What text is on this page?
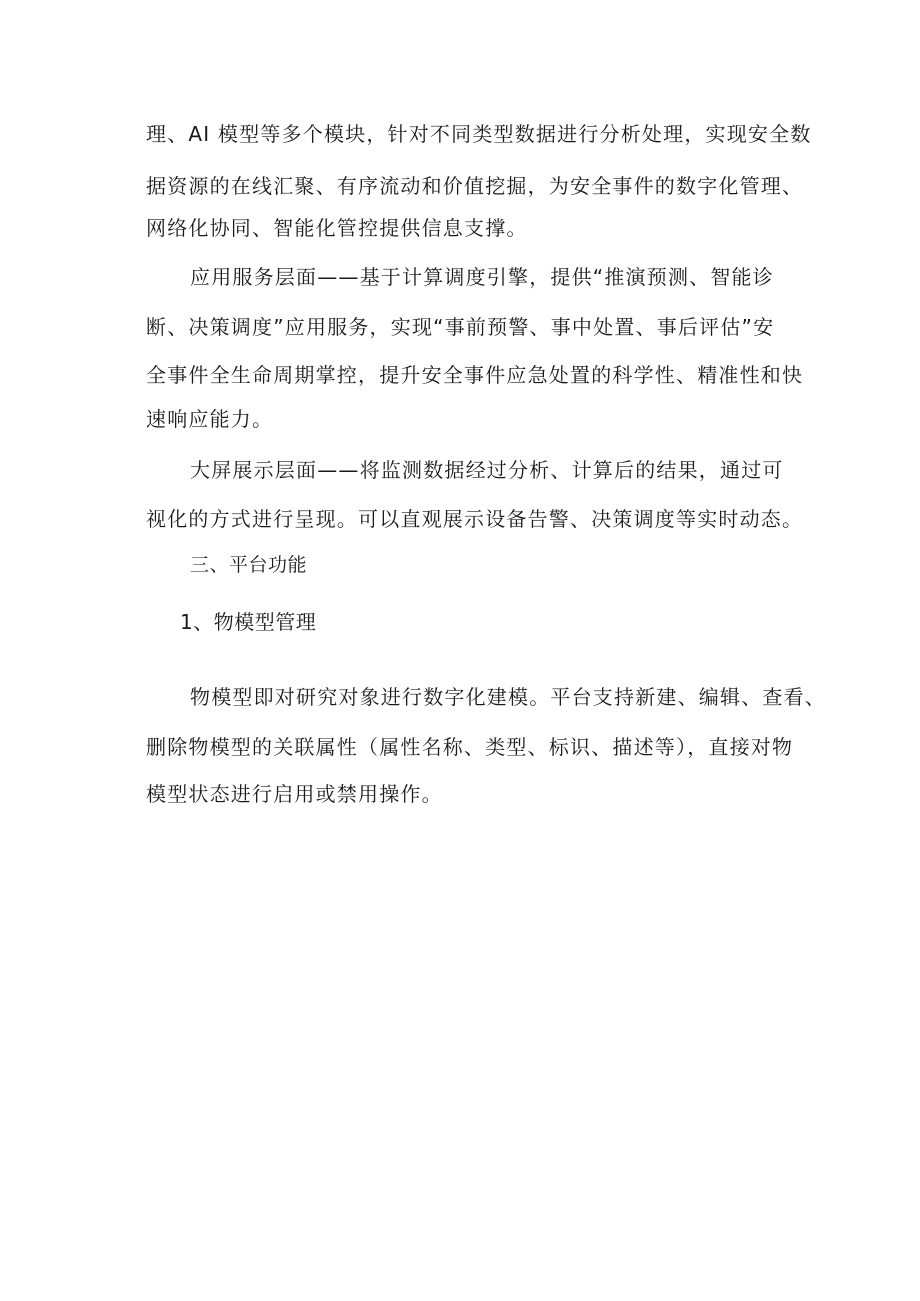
理、AI 模型等多个模块，针对不同类型数据进行分析处理，实现安全数
据资源的在线汇聚、有序流动和价值挖掘，为安全事件的数字化管理、
网络化协同、智能化管控提供信息支撑。
应用服务层面——基于计算调度引擎，提供“推演预测、智能诊
断、决策调度”应用服务，实现“事前预警、事中处置、事后评估”安
全事件全生命周期掌控，提升安全事件应急处置的科学性、精准性和快
速响应能力。
大屏展示层面——将监测数据经过分析、计算后的结果，通过可
视化的方式进行呈现。可以直观展示设备告警、决策调度等实时动态。
三、平台功能
1、物模型管理
物模型即对研究对象进行数字化建模。平台支持新建、编辑、查看、
删除物模型的关联属性（属性名称、类型、标识、描述等），直接对物
模型状态进行启用或禁用操作。
